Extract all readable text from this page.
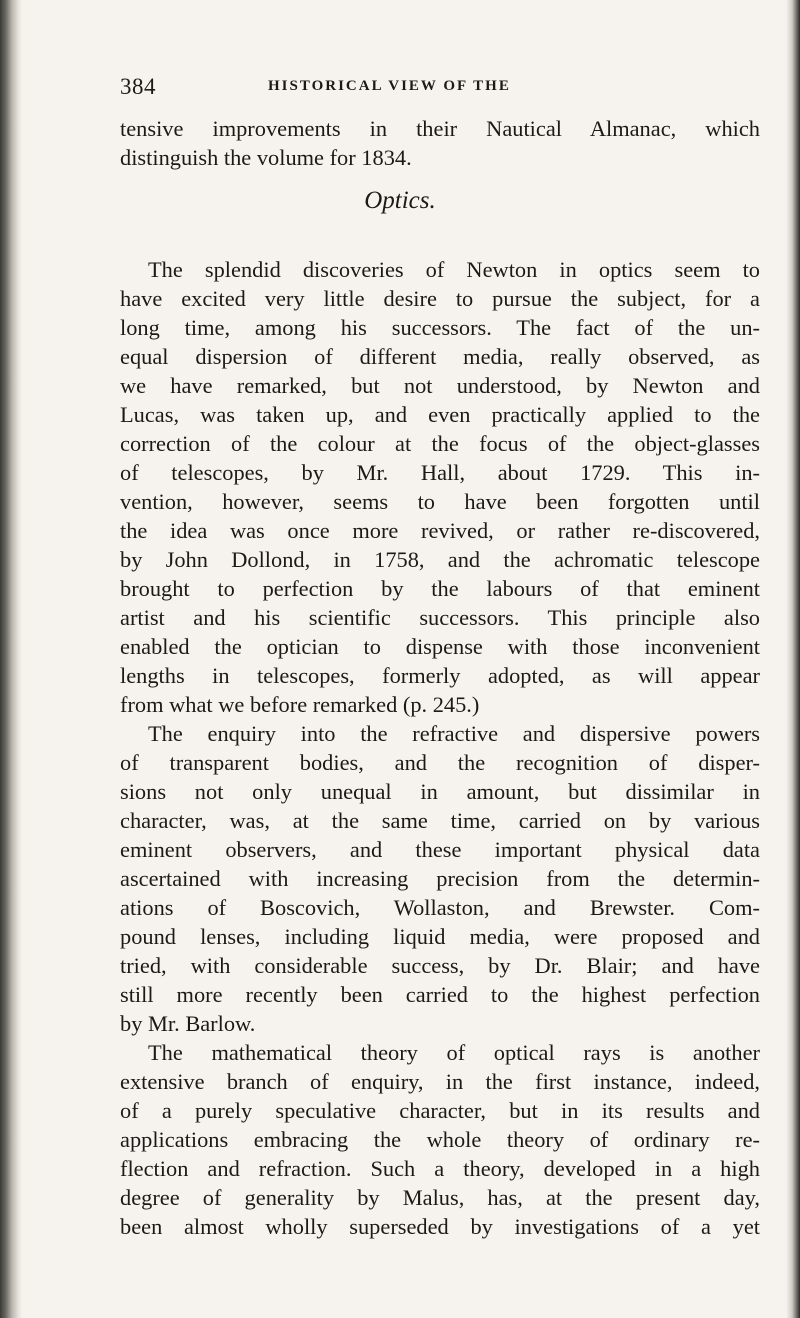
384	HISTORICAL VIEW OF THE
tensive improvements in their Nautical Almanac, which
distinguish the volume for 1834.
Optics.
The splendid discoveries of Newton in optics seem to
have excited very little desire to pursue the subject, for a
long time, among his successors. The fact of the un-
equal dispersion of different media, really observed, as
we have remarked, but not understood, by Newton and
Lucas, was taken up, and even practically applied to the
correction of the colour at the focus of the object-glasses
of telescopes, by Mr. Hall, about 1729. This in-
vention, however, seems to have been forgotten until
the idea was once more revived, or rather re-discovered,
by John Dollond, in 1758, and the achromatic telescope
brought to perfection by the labours of that eminent
artist and his scientific successors. This principle also
enabled the optician to dispense with those inconvenient
lengths in telescopes, formerly adopted, as will appear
from what we before remarked (p. 245.)
The enquiry into the refractive and dispersive powers
of transparent bodies, and the recognition of disper-
sions not only unequal in amount, but dissimilar in
character, was, at the same time, carried on by various
eminent observers, and these important physical data
ascertained with increasing precision from the determin-
ations of Boscovich, Wollaston, and Brewster. Com-
pound lenses, including liquid media, were proposed and
tried, with considerable success, by Dr. Blair; and have
still more recently been carried to the highest perfection
by Mr. Barlow.
The mathematical theory of optical rays is another
extensive branch of enquiry, in the first instance, indeed,
of a purely speculative character, but in its results and
applications embracing the whole theory of ordinary re-
flection and refraction. Such a theory, developed in a high
degree of generality by Malus, has, at the present day,
been almost wholly superseded by investigations of a yet
